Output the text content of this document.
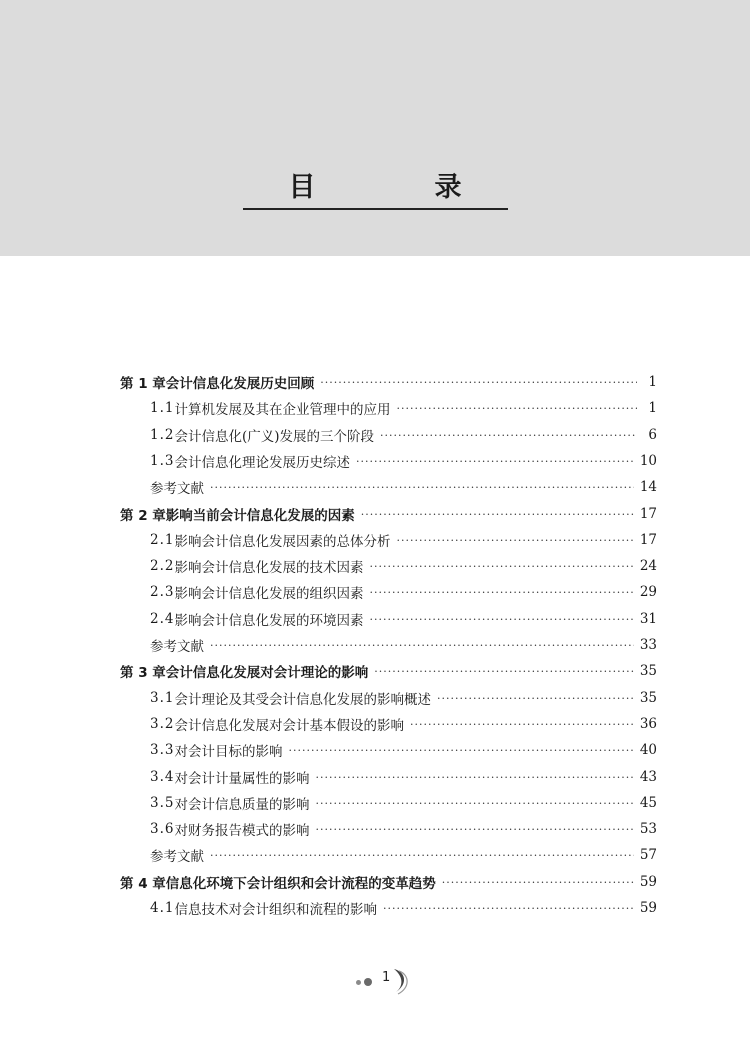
目　录
第 1 章 会计信息化发展历史回顾 ·····	1
1.1 计算机发展及其在企业管理中的应用 ·····	1
1.2 会计信息化(广义)发展的三个阶段 ·····	6
1.3 会计信息化理论发展历史综述 ·····	10
参考文献 ·····	14
第 2 章 影响当前会计信息化发展的因素 ·····	17
2.1 影响会计信息化发展因素的总体分析 ·····	17
2.2 影响会计信息化发展的技术因素 ·····	24
2.3 影响会计信息化发展的组织因素 ·····	29
2.4 影响会计信息化发展的环境因素 ·····	31
参考文献 ·····	33
第 3 章 会计信息化发展对会计理论的影响 ·····	35
3.1 会计理论及其受会计信息化发展的影响概述 ·····	35
3.2 会计信息化发展对会计基本假设的影响 ·····	36
3.3 对会计目标的影响 ·····	40
3.4 对会计计量属性的影响 ·····	43
3.5 对会计信息质量的影响 ·····	45
3.6 对财务报告模式的影响 ·····	53
参考文献 ·····	57
第 4 章 信息化环境下会计组织和会计流程的变革趋势 ·····	59
4.1 信息技术对会计组织和流程的影响 ·····	59
1
